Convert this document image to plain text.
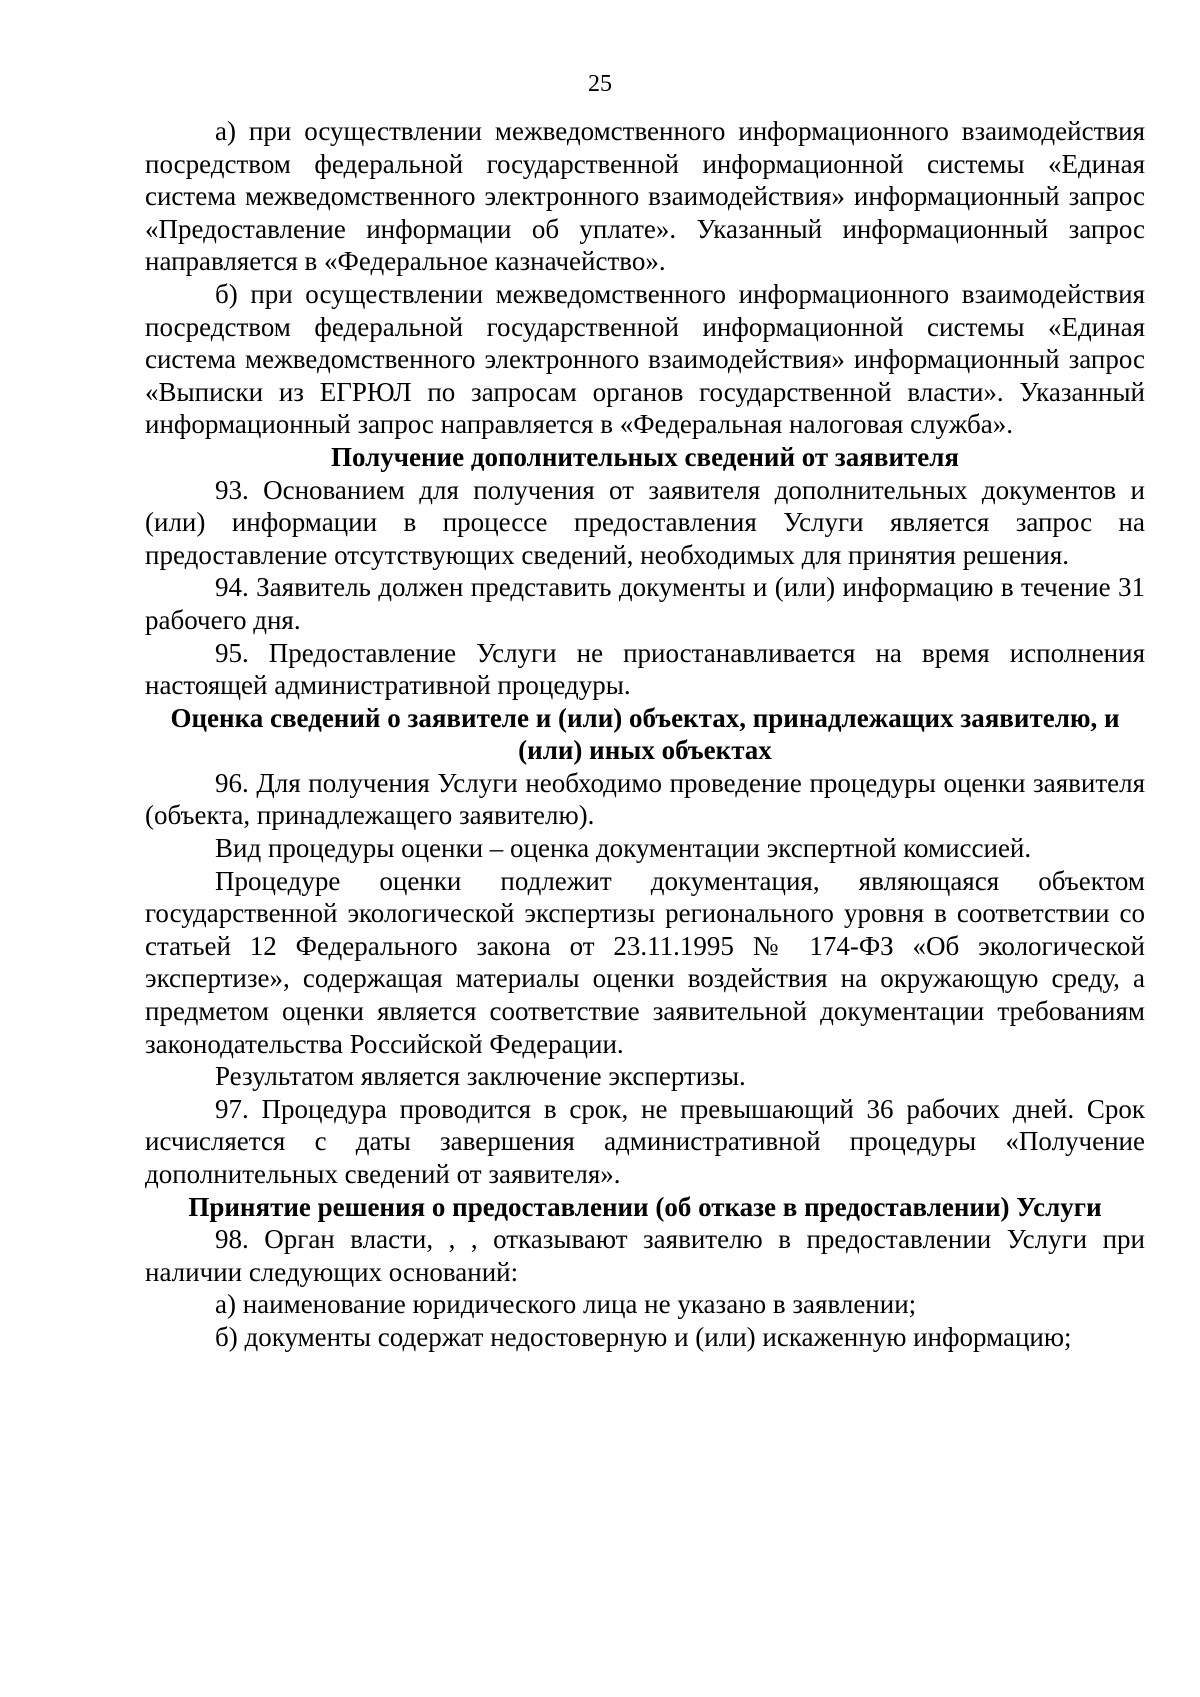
25

а) при осуществлении межведомственного информационного взаимодействия посредством федеральной государственной информационной системы «Единая система межведомственного электронного взаимодействия» информационный запрос «Предоставление информации об уплате». Указанный информационный запрос направляется в «Федеральное казначейство».

б) при осуществлении межведомственного информационного взаимодействия посредством федеральной государственной информационной системы «Единая система межведомственного электронного взаимодействия» информационный запрос «Выписки из ЕГРЮЛ по запросам органов государственной власти». Указанный информационный запрос направляется в «Федеральная налоговая служба».

Получение дополнительных сведений от заявителя

93. Основанием для получения от заявителя дополнительных документов и (или) информации в процессе предоставления Услуги является запрос на предоставление отсутствующих сведений, необходимых для принятия решения.

94. Заявитель должен представить документы и (или) информацию в течение 31 рабочего дня.

95. Предоставление Услуги не приостанавливается на время исполнения настоящей административной процедуры.

Оценка сведений о заявителе и (или) объектах, принадлежащих заявителю, и (или) иных объектах

96. Для получения Услуги необходимо проведение процедуры оценки заявителя (объекта, принадлежащего заявителю).

Вид процедуры оценки – оценка документации экспертной комиссией.

Процедуре оценки подлежит документация, являющаяся объектом государственной экологической экспертизы регионального уровня в соответствии со статьей 12 Федерального закона от 23.11.1995 № 174-ФЗ «Об экологической экспертизе», содержащая материалы оценки воздействия на окружающую среду, а предметом оценки является соответствие заявительной документации требованиям законодательства Российской Федерации.

Результатом является заключение экспертизы.

97. Процедура проводится в срок, не превышающий 36 рабочих дней. Срок исчисляется с даты завершения административной процедуры «Получение дополнительных сведений от заявителя».

Принятие решения о предоставлении (об отказе в предоставлении) Услуги

98. Орган власти, , , отказывают заявителю в предоставлении Услуги при наличии следующих оснований:

а) наименование юридического лица не указано в заявлении;

б) документы содержат недостоверную и (или) искаженную информацию;
